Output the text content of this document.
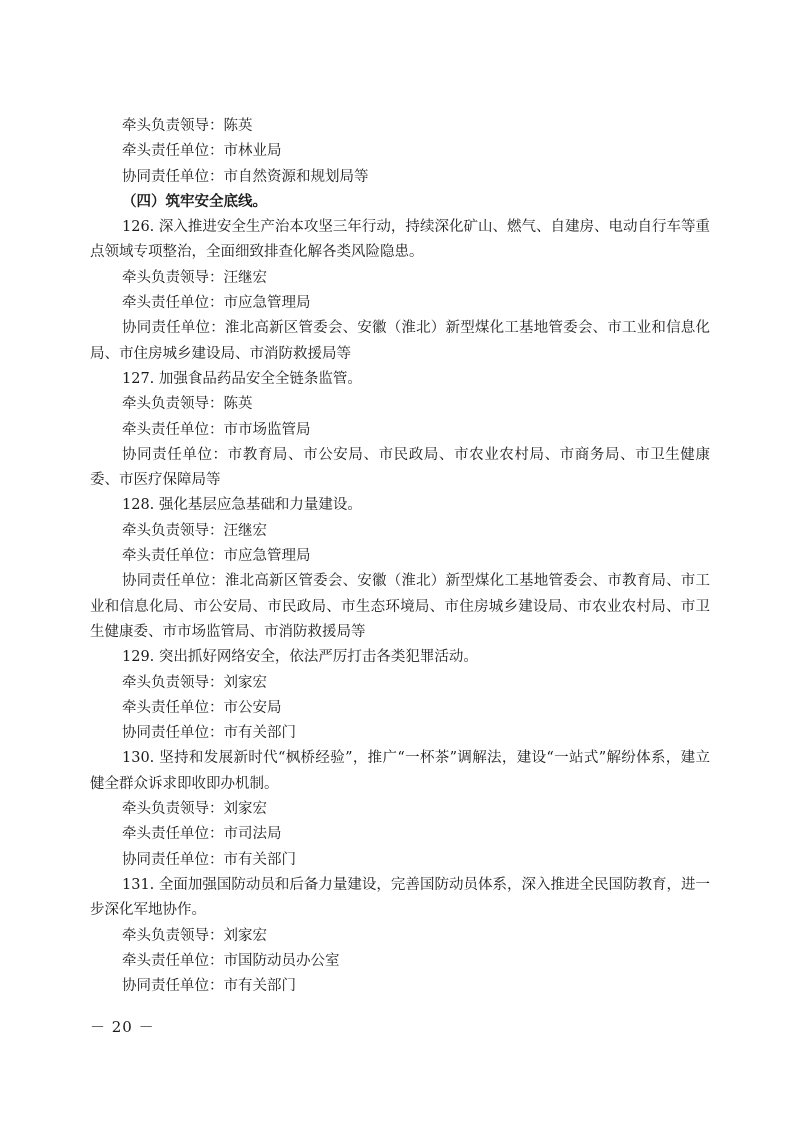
牵头负责领导：陈英

牵头责任单位：市林业局

协同责任单位：市自然资源和规划局等

（四）筑牢安全底线。

126. 深入推进安全生产治本攻坚三年行动，持续深化矿山、燃气、自建房、电动自行车等重点领域专项整治，全面细致排查化解各类风险隐患。

牵头负责领导：汪继宏

牵头责任单位：市应急管理局

协同责任单位：淮北高新区管委会、安徽（淮北）新型煤化工基地管委会、市工业和信息化局、市住房城乡建设局、市消防救援局等

127. 加强食品药品安全全链条监管。

牵头负责领导：陈英

牵头责任单位：市市场监管局

协同责任单位：市教育局、市公安局、市民政局、市农业农村局、市商务局、市卫生健康委、市医疗保障局等

128. 强化基层应急基础和力量建设。

牵头负责领导：汪继宏

牵头责任单位：市应急管理局

协同责任单位：淮北高新区管委会、安徽（淮北）新型煤化工基地管委会、市教育局、市工业和信息化局、市公安局、市民政局、市生态环境局、市住房城乡建设局、市农业农村局、市卫生健康委、市市场监管局、市消防救援局等

129. 突出抓好网络安全，依法严厉打击各类犯罪活动。

牵头负责领导：刘家宏

牵头责任单位：市公安局

协同责任单位：市有关部门

130. 坚持和发展新时代“枫桥经验”，推广“一杯茶”调解法，建设“一站式”解纷体系，建立健全群众诉求即收即办机制。

牵头负责领导：刘家宏

牵头责任单位：市司法局

协同责任单位：市有关部门

131. 全面加强国防动员和后备力量建设，完善国防动员体系，深入推进全民国防教育，进一步深化军地协作。

牵头负责领导：刘家宏

牵头责任单位：市国防动员办公室

协同责任单位：市有关部门

－ 20 －
